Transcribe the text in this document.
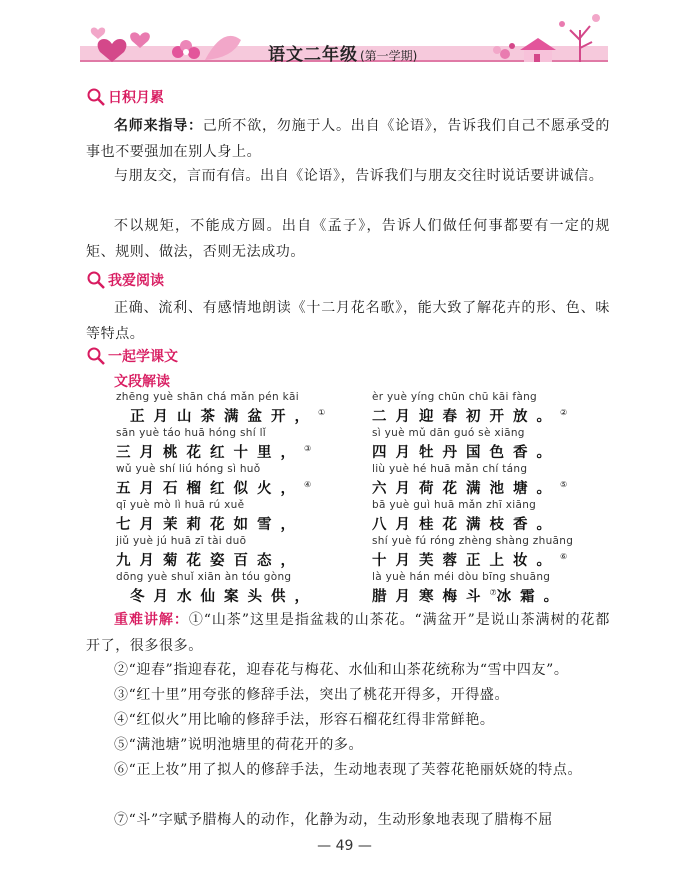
语文二年级 (第一学期)
日积月累

名师来指导：己所不欲，勿施于人。出自《论语》，告诉我们自己不愿承受的事也不要强加在别人身上。

与朋友交，言而有信。出自《论语》，告诉我们与朋友交往时说话要讲诚信。

不以规矩，不能成方圆。出自《孟子》，告诉人们做任何事都要有一定的规矩、规则、做法，否则无法成功。

我爱阅读

正确、流利、有感情地朗读《十二月花名歌》，能大致了解花卉的形、色、味等特点。

一起学课文
文段解读
zhēng yuè shān chá mǎn pén kāi
正月山茶满盆开，①
èr yuè yíng chūn chū kāi fàng
二月迎春初开放。②
sān yuè táo huā hóng shí lǐ
三月桃花红十里，③
sì yuè mǔ dān guó sè xiāng
四月牡丹国色香。
wǔ yuè shí liú hóng sì huǒ
五月石榴红似火，④
liù yuè hé huā mǎn chí táng
六月荷花满池塘。⑤
qī yuè mò lì huā rú xuě
七月茉莉花如雪，
bā yuè guì huā mǎn zhī xiāng
八月桂花满枝香。
jiǔ yuè jú huā zī tài duō
九月菊花姿百态，
shí yuè fú róng zhèng shàng zhuāng
十月芙蓉正上妆。⑥
dōng yuè shuǐ xiān àn tóu gòng
冬月水仙案头供，
là yuè hán méi dòu bīng shuāng
腊月寒梅斗⑦冰霜。

重难讲解：①“山茶”这里是指盆栽的山茶花。“满盆开”是说山茶满树的花都开了，很多很多。

②“迎春”指迎春花，迎春花与梅花、水仙和山茶花统称为“雪中四友”。

③“红十里”用夸张的修辞手法，突出了桃花开得多，开得盛。

④“红似火”用比喻的修辞手法，形容石榴花红得非常鲜艳。

⑤“满池塘”说明池塘里的荷花开的多。

⑥“正上妆”用了拟人的修辞手法，生动地表现了芙蓉花艳丽妖娆的特点。

⑦“斗”字赋予腊梅人的动作，化静为动，生动形象地表现了腊梅不屈

— 49 —
